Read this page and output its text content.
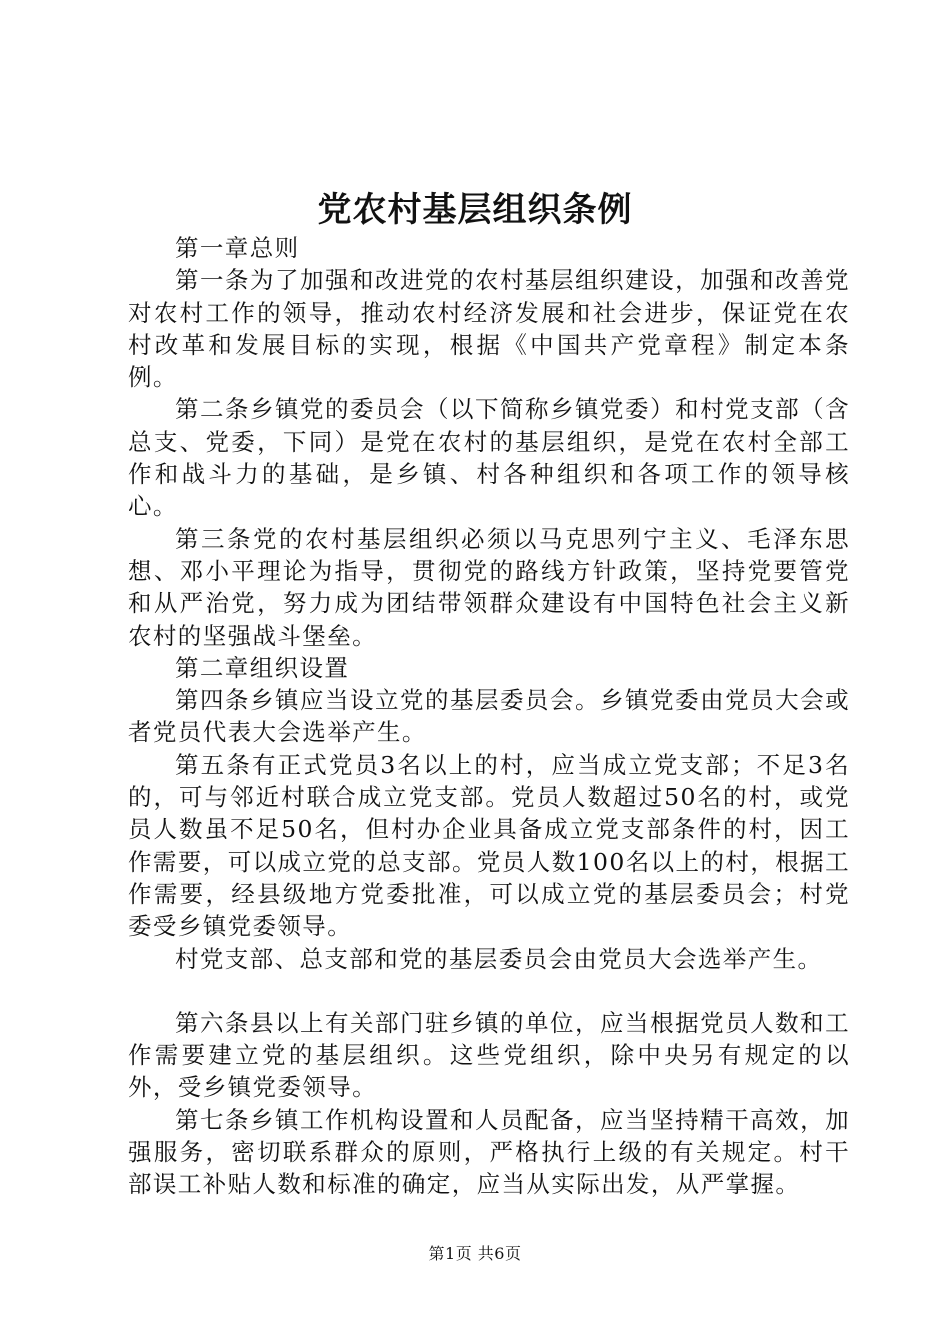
党农村基层组织条例

第一章总则

第一条为了加强和改进党的农村基层组织建设，加强和改善党对农村工作的领导，推动农村经济发展和社会进步，保证党在农村改革和发展目标的实现，根据《中国共产党章程》制定本条例。

第二条乡镇党的委员会（以下简称乡镇党委）和村党支部（含总支、党委，下同）是党在农村的基层组织，是党在农村全部工作和战斗力的基础，是乡镇、村各种组织和各项工作的领导核心。

第三条党的农村基层组织必须以马克思列宁主义、毛泽东思想、邓小平理论为指导，贯彻党的路线方针政策，坚持党要管党和从严治党，努力成为团结带领群众建设有中国特色社会主义新农村的坚强战斗堡垒。

第二章组织设置

第四条乡镇应当设立党的基层委员会。乡镇党委由党员大会或者党员代表大会选举产生。

第五条有正式党员3名以上的村，应当成立党支部；不足3名的，可与邻近村联合成立党支部。党员人数超过50名的村，或党员人数虽不足50名，但村办企业具备成立党支部条件的村，因工作需要，可以成立党的总支部。党员人数100名以上的村，根据工作需要，经县级地方党委批准，可以成立党的基层委员会；村党委受乡镇党委领导。

村党支部、总支部和党的基层委员会由党员大会选举产生。

第六条县以上有关部门驻乡镇的单位，应当根据党员人数和工作需要建立党的基层组织。这些党组织，除中央另有规定的以外，受乡镇党委领导。

第七条乡镇工作机构设置和人员配备，应当坚持精干高效，加强服务，密切联系群众的原则，严格执行上级的有关规定。村干部误工补贴人数和标准的确定，应当从实际出发，从严掌握。

第1页 共6页
